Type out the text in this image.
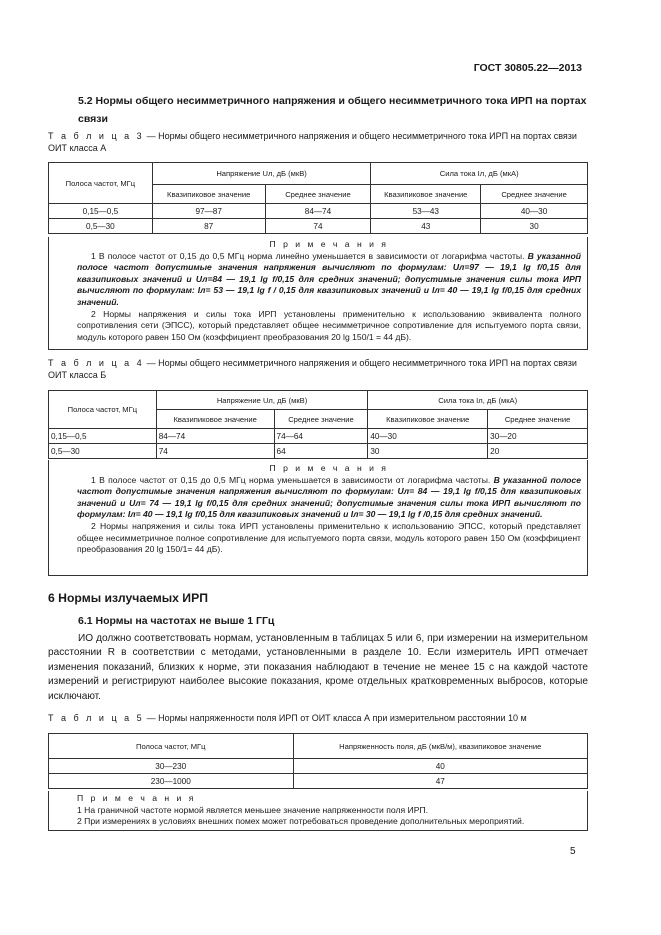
ГОСТ 30805.22—2013
5.2 Нормы общего несимметричного напряжения и общего несимметричного тока ИРП на портах связи
Т а б л и ц а 3 — Нормы общего несимметричного напряжения и общего несимметричного тока ИРП на портах связи ОИТ класса А
Полоса частот, МГц	Напряжение Uл, дБ (мкВ)		Сила тока Iл, дБ (мкА)	
	Квазипиковое значение	Среднее значение	Квазипиковое значение	Среднее значение
0,15—0,5	97—87	84—74	53—43	40—30
0,5—30	87	74	43	30
П р и м е ч а н и я

1 В полосе частот от 0,15 до 0,5 МГц норма линейно уменьшается в зависимости от логарифма частоты. В указанной полосе частот допустимые значения напряжения вычисляют по формулам: Uл=97 — 19,1 lg f/0,15 для квазипиковых значений и Uл=84 — 19,1 lg f/0,15 для средних значений; допустимые значения силы тока ИРП вычисляют по формулам: Iл= 53 — 19,1 lg f / 0,15 для квазипиковых значений и Iл= 40 — 19,1 lg f/0,15 для средних значений.

2 Нормы напряжения и силы тока ИРП установлены применительно к использованию эквивалента полного сопротивления сети (ЭПСС), который представляет общее несимметричное сопротивление для испытуемого порта связи, модуль которого равен 150 Ом (коэффициент преобразования 20 lg 150/1 = 44 дБ).

Т а б л и ц а 4 — Нормы общего несимметричного напряжения и общего несимметричного тока ИРП на портах связи ОИТ класса Б
Полоса частот, МГц	Напряжение Uл, дБ (мкВ)		Сила тока Iл, дБ (мкА)	
	Квазипиковое значение	Среднее значение	Квазипиковое значение	Среднее значение
0,15—0,5	84—74	74—64	40—30	30—20
0,5—30	74	64	30	20
П р и м е ч а н и я

1 В полосе частот от 0,15 до 0,5 МГц норма уменьшается в зависимости от логарифма частоты. В указанной полосе частот допустимые значения напряжения вычисляют по формулам: Uл= 84 — 19,1 lg f/0,15 для квазипиковых значений и Uл= 74 — 19,1 lg f/0,15 для средних значений; допустимые значения силы тока ИРП вычисляют по формулам: Iл= 40 — 19,1 lg f/0,15 для квазипиковых значений и Iл= 30 — 19,1 lg f /0,15 для средних значений.

2 Нормы напряжения и силы тока ИРП установлены применительно к использованию ЭПСС, который представляет общее несимметричное полное сопротивление для испытуемого порта связи, модуль которого равен 150 Ом (коэффициент преобразования 20 lg 150/1= 44 дБ).

6 Нормы излучаемых ИРП
6.1 Нормы на частотах не выше 1 ГГц
ИО должно соответствовать нормам, установленным в таблицах 5 или 6, при измерении на измерительном расстоянии R в соответствии с методами, установленными в разделе 10. Если измеритель ИРП отмечает изменения показаний, близких к норме, эти показания наблюдают в течение не менее 15 с на каждой частоте измерений и регистрируют наиболее высокие показания, кроме отдельных кратковременных выбросов, которые исключают.
Т а б л и ц а 5 — Нормы напряженности поля ИРП от ОИТ класса А при измерительном расстоянии 10 м
Полоса частот, МГц	Напряженность поля, дБ (мкВ/м), квазипиковое значение
30—230	40
230—1000	47
П р и м е ч а н и я

1 На граничной частоте нормой является меньшее значение напряженности поля ИРП.

2 При измерениях в условиях внешних помех может потребоваться проведение дополнительных мероприятий.

5
